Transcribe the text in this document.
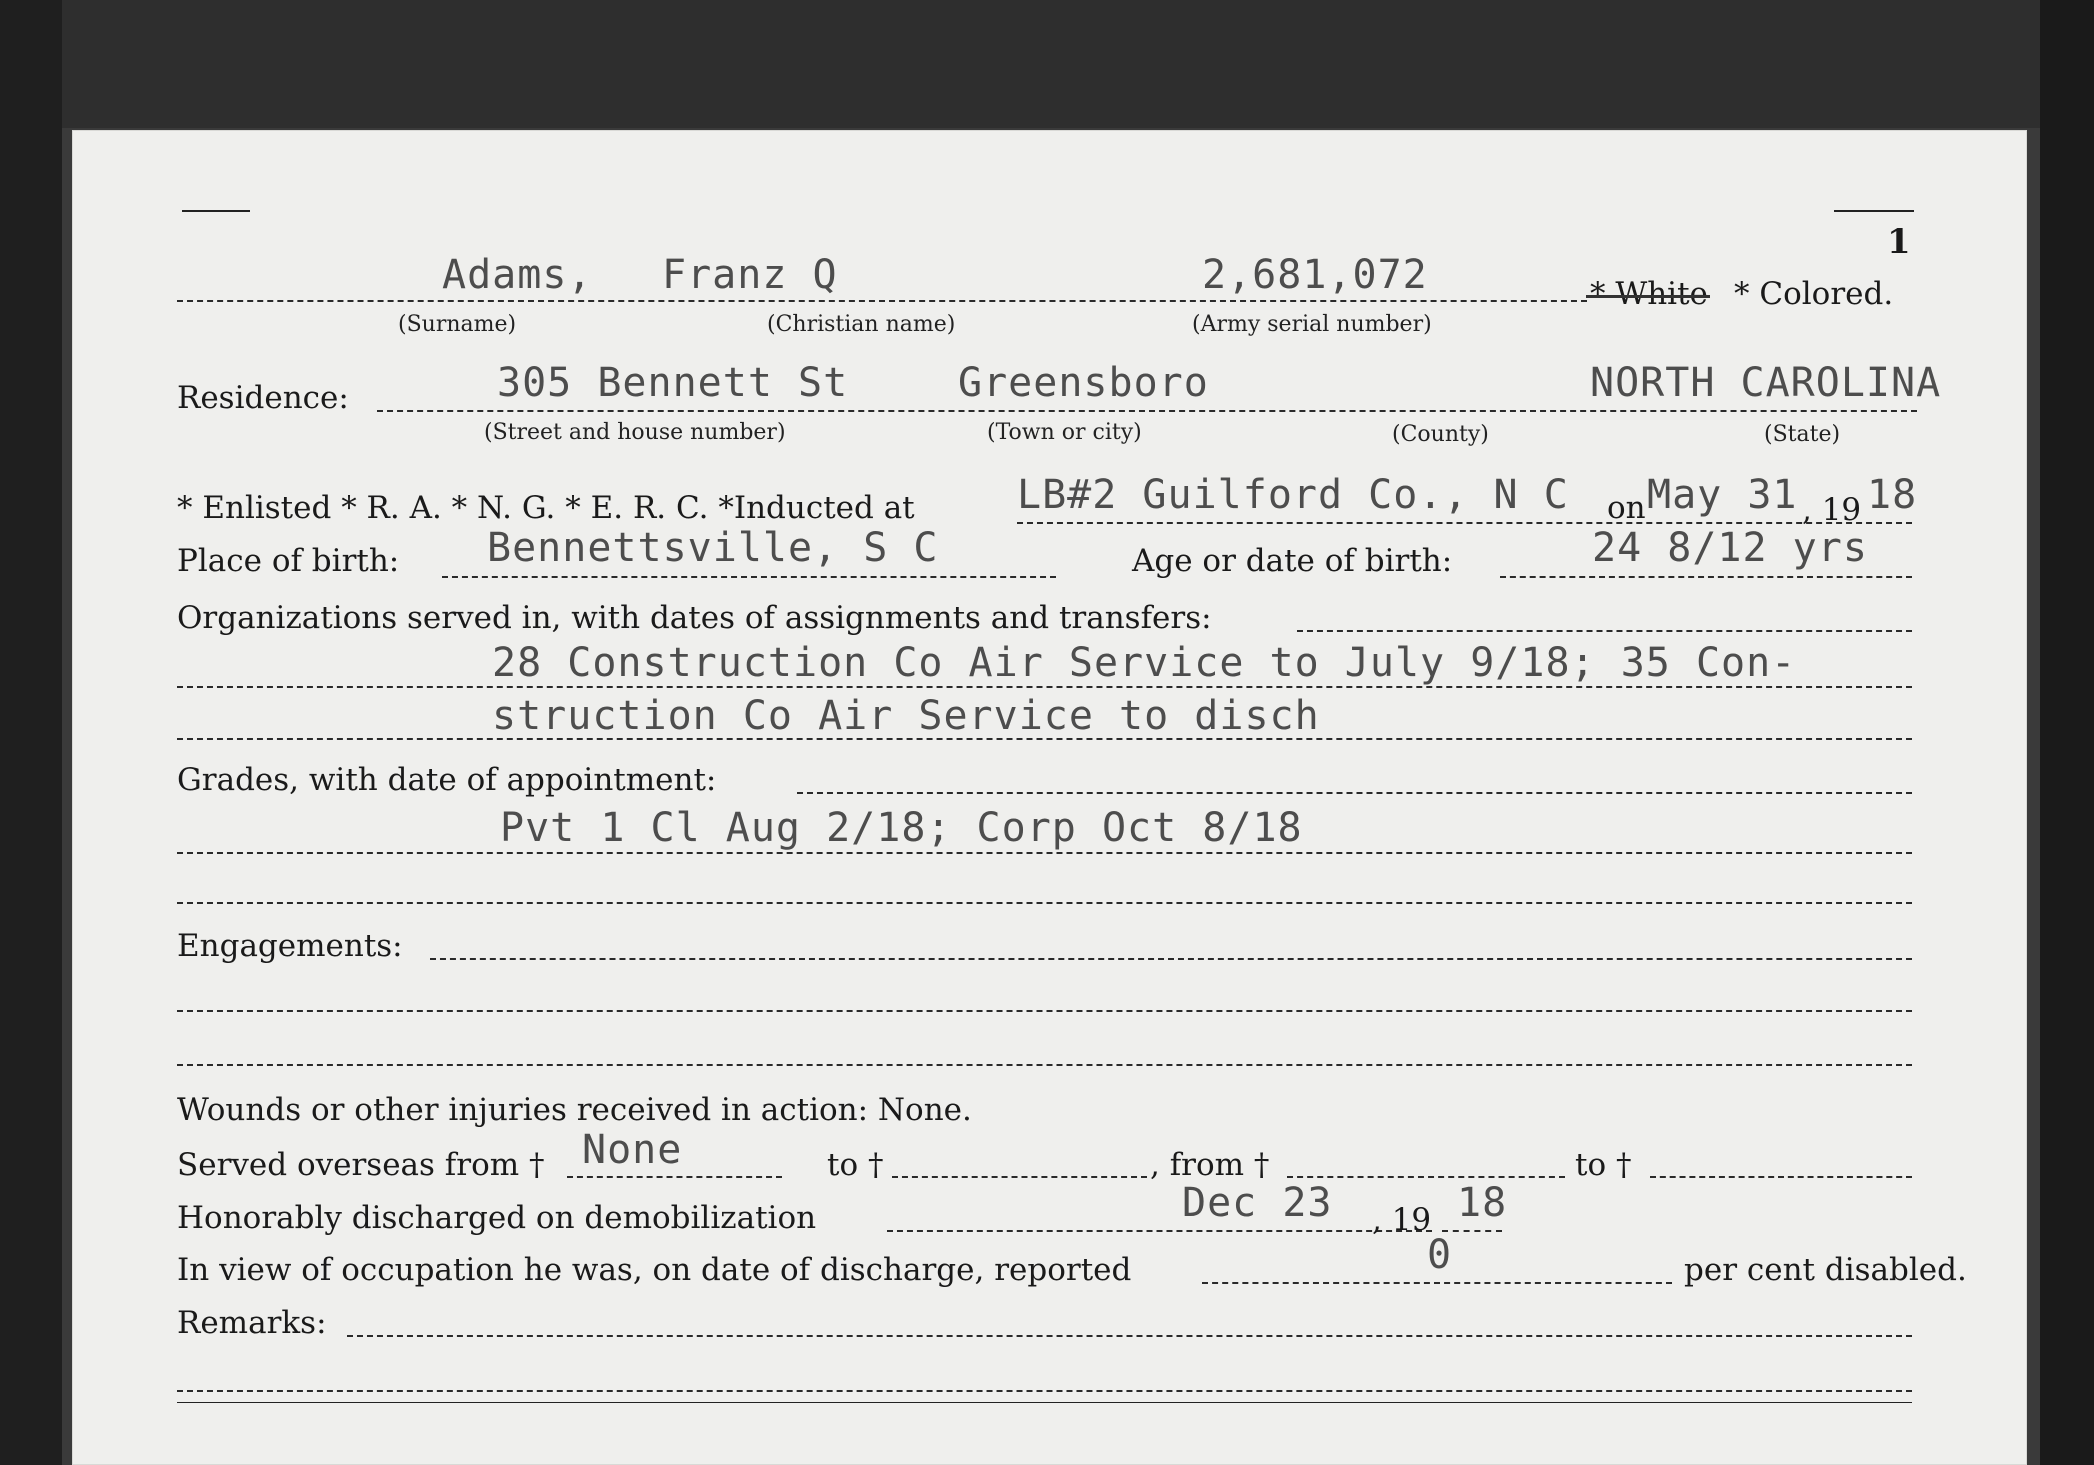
1
Adams, Franz Q	2,681,072	* White * Colored.
(Surname)	(Christian name)	(Army serial number)
Residence:	305 Bennett St	Greensboro	NORTH CAROLINA
(Street and house number)	(Town or city)	(County)	(State)
* Enlisted * R. A. * N. G. * E. R. C. *Inducted at	LB#2 Guilford Co., N C on May 31 , 19 18
Place of birth: Bennettsville, S C	Age or date of birth:	24 8/12 yrs
Organizations served in, with dates of assignments and transfers:
28 Construction Co Air Service to July 9/18; 35 Con-
struction Co Air Service to disch
Grades, with date of appointment:
Pvt 1 Cl Aug 2/18; Corp Oct 8/18
Engagements:
Wounds or other injuries received in action: None.
Served overseas from † None	to †	, from †	to †
Honorably discharged on demobilization	Dec 23 , 19 18
In view of occupation he was, on date of discharge, reported	0	per cent disabled.
Remarks:
